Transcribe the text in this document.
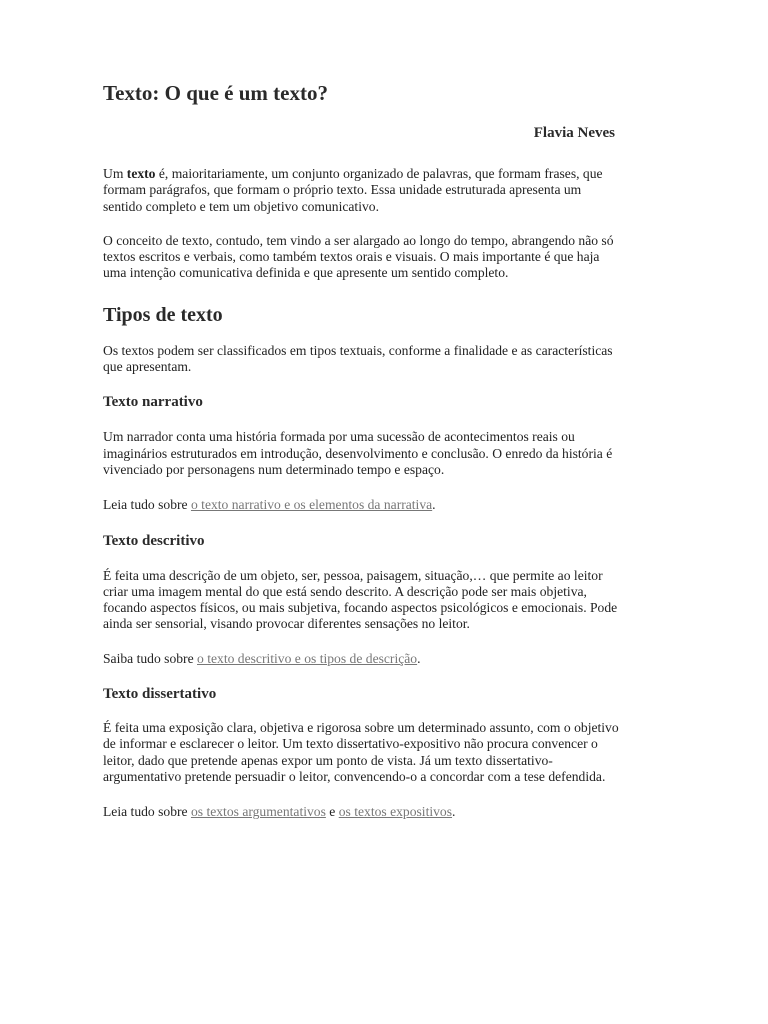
Texto: O que é um texto?
Flavia Neves

Um texto é, maioritariamente, um conjunto organizado de palavras, que formam frases, que formam parágrafos, que formam o próprio texto. Essa unidade estruturada apresenta um sentido completo e tem um objetivo comunicativo.

O conceito de texto, contudo, tem vindo a ser alargado ao longo do tempo, abrangendo não só textos escritos e verbais, como também textos orais e visuais. O mais importante é que haja uma intenção comunicativa definida e que apresente um sentido completo.

Tipos de texto

Os textos podem ser classificados em tipos textuais, conforme a finalidade e as características que apresentam.

Texto narrativo

Um narrador conta uma história formada por uma sucessão de acontecimentos reais ou imaginários estruturados em introdução, desenvolvimento e conclusão. O enredo da história é vivenciado por personagens num determinado tempo e espaço.

Leia tudo sobre o texto narrativo e os elementos da narrativa.

Texto descritivo

É feita uma descrição de um objeto, ser, pessoa, paisagem, situação,… que permite ao leitor criar uma imagem mental do que está sendo descrito. A descrição pode ser mais objetiva, focando aspectos físicos, ou mais subjetiva, focando aspectos psicológicos e emocionais. Pode ainda ser sensorial, visando provocar diferentes sensações no leitor.

Saiba tudo sobre o texto descritivo e os tipos de descrição.

Texto dissertativo

É feita uma exposição clara, objetiva e rigorosa sobre um determinado assunto, com o objetivo de informar e esclarecer o leitor. Um texto dissertativo-expositivo não procura convencer o leitor, dado que pretende apenas expor um ponto de vista. Já um texto dissertativo-argumentativo pretende persuadir o leitor, convencendo-o a concordar com a tese defendida.

Leia tudo sobre os textos argumentativos e os textos expositivos.
